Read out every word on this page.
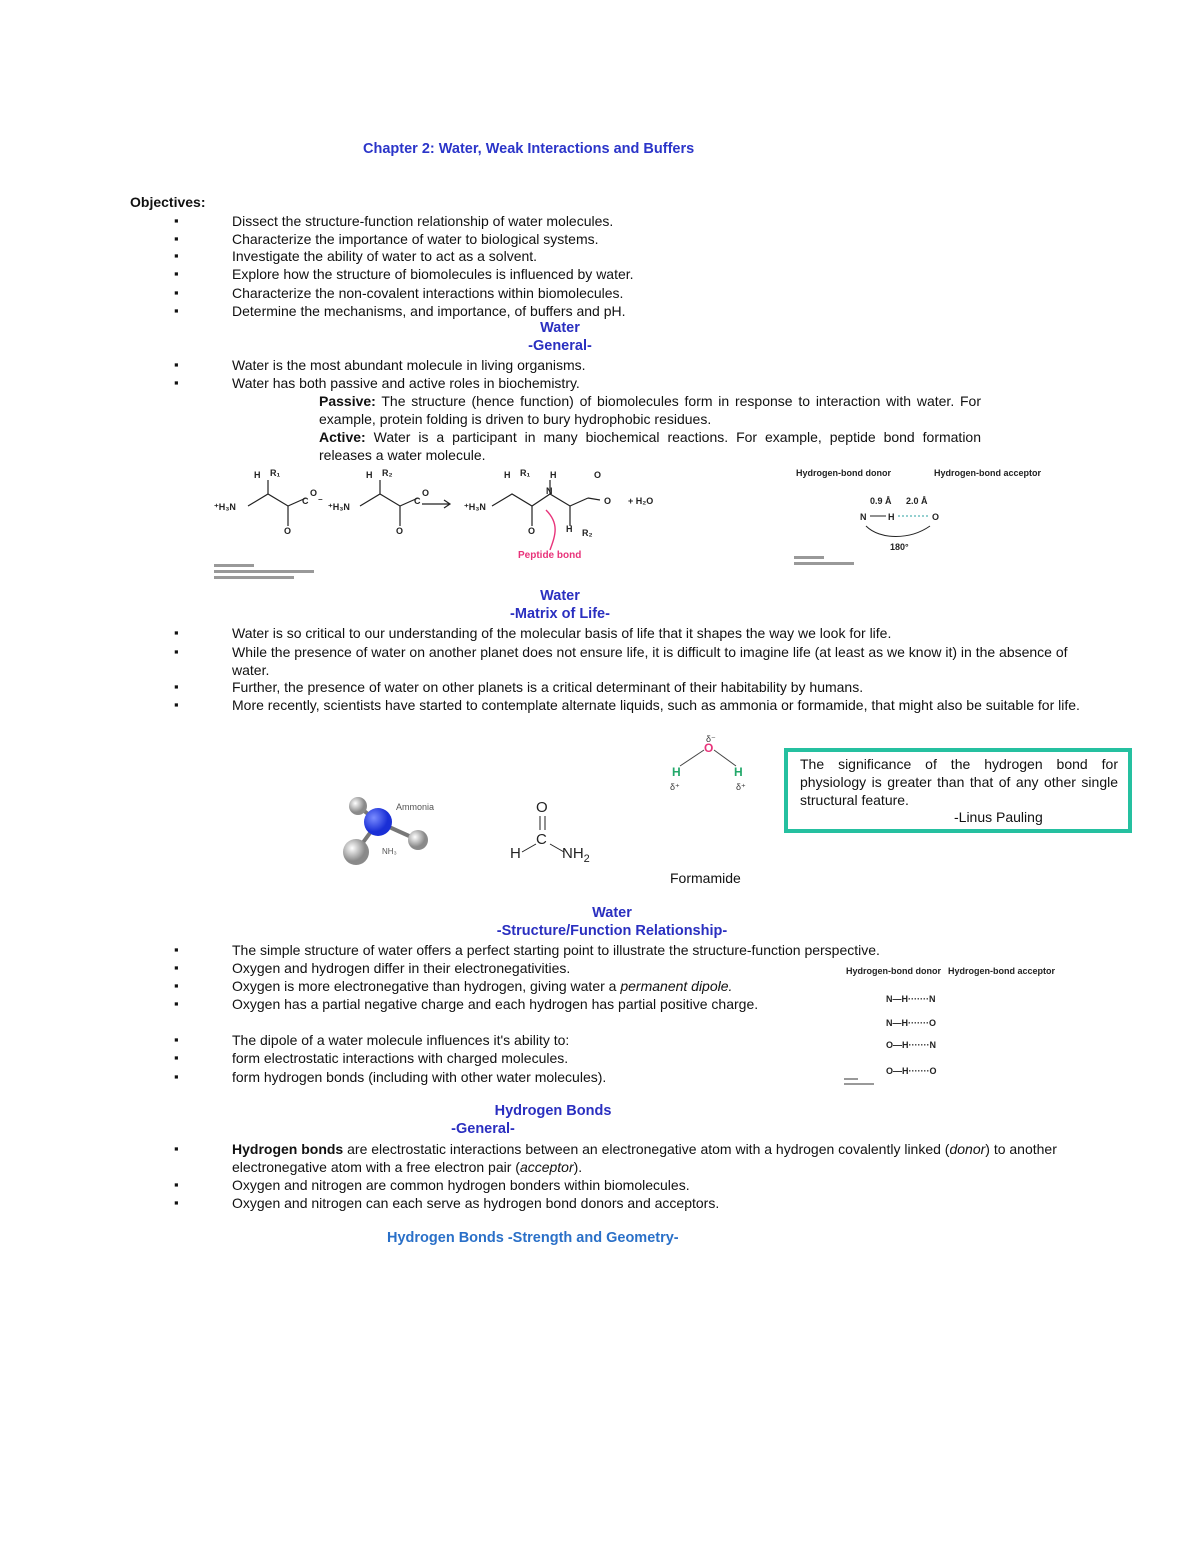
Chapter 2: Water, Weak Interactions and Buffers
Objectives:
▪	Dissect the structure-function relationship of water molecules.
▪	Characterize the importance of water to biological systems.
▪	Investigate the ability of water to act as a solvent.
▪	Explore how the structure of biomolecules is influenced by water.
▪	Characterize the non-covalent interactions within biomolecules.
▪	Determine the mechanisms, and importance, of buffers and pH.
Water
-General-
▪	Water is the most abundant molecule in living organisms.
▪	Water has both passive and active roles in biochemistry.
Passive: The structure (hence function) of biomolecules form in response to interaction with water. For example, protein folding is driven to bury hydrophobic residues.
Active: Water is a participant in many biochemical reactions. For example, peptide bond formation releases a water molecule.
⁺H₃N
H R₁
C
O
O
⁻
⁺H₃N
H R₂
C
O
O
⁺H₃N
H R₁
N
H	O
O
O	H R₂
+ H₂O
Peptide bond
Hydrogen-bond donor	Hydrogen-bond acceptor
0.9 Å 2.0 Å
N H	O
180°
Water
-Matrix of Life-
▪	Water is so critical to our understanding of the molecular basis of life that it shapes the way we look for life.
▪	While the presence of water on another planet does not ensure life, it is difficult to imagine life (at least as we know it) in the absence of water.
▪	Further, the presence of water on other planets is a critical determinant of their habitability by humans.
▪	More recently, scientists have started to contemplate alternate liquids, such as ammonia or formamide, that might also be suitable for life.
δ⁻
O
H	H
δ⁺	δ⁺
The significance of the hydrogen bond for physiology is greater than that of any other single structural feature.
-Linus Pauling
Ammonia
NH₃
O
C
H	$NH_2$
Formamide
Water
-Structure/Function Relationship-
▪	The simple structure of water offers a perfect starting point to illustrate the structure-function perspective.
▪	Oxygen and hydrogen differ in their electronegativities.
▪	Oxygen is more electronegative than hydrogen, giving water a permanent dipole.
▪	Oxygen has a partial negative charge and each hydrogen has partial positive charge.
▪	The dipole of a water molecule influences it's ability to:
▪	form electrostatic interactions with charged molecules.
▪	form hydrogen bonds (including with other water molecules).
Hydrogen-bond donor Hydrogen-bond acceptor
N—H·······N
N—H·······O
O—H·······N
O—H·······O
Hydrogen Bonds
-General-
▪	Hydrogen bonds are electrostatic interactions between an electronegative atom with a hydrogen covalently linked (donor) to another electronegative atom with a free electron pair (acceptor).
▪	Oxygen and nitrogen are common hydrogen bonders within biomolecules.
▪	Oxygen and nitrogen can each serve as hydrogen bond donors and acceptors.
Hydrogen Bonds -Strength and Geometry-
